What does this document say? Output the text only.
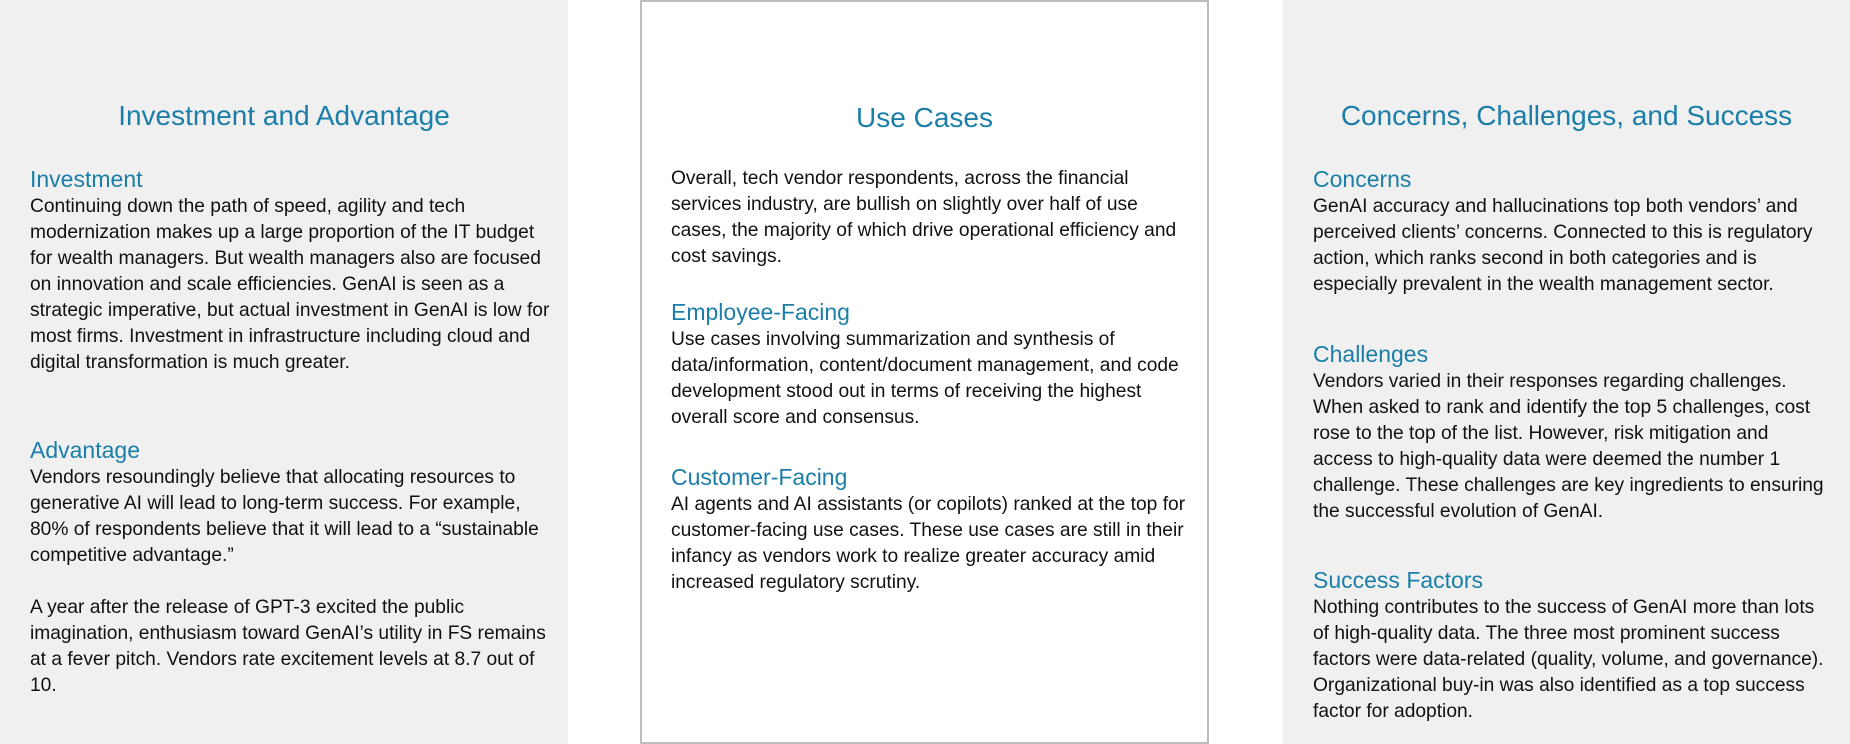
Investment and Advantage
Investment

Continuing down the path of speed, agility and tech modernization makes up a large proportion of the IT budget for wealth managers. But wealth managers also are focused on innovation and scale efficiencies. GenAI is seen as a strategic imperative, but actual investment in GenAI is low for most firms. Investment in infrastructure including cloud and digital transformation is much greater.

Advantage

Vendors resoundingly believe that allocating resources to generative AI will lead to long-term success. For example, 80% of respondents believe that it will lead to a “sustainable competitive advantage.”

A year after the release of GPT-3 excited the public imagination, enthusiasm toward GenAI’s utility in FS remains at a fever pitch. Vendors rate excitement levels at 8.7 out of 10.

Use Cases

Overall, tech vendor respondents, across the financial services industry, are bullish on slightly over half of use cases, the majority of which drive operational efficiency and cost savings.

Employee-Facing

Use cases involving summarization and synthesis of data/information, content/document management, and code development stood out in terms of receiving the highest overall score and consensus.

Customer-Facing

AI agents and AI assistants (or copilots) ranked at the top for customer-facing use cases. These use cases are still in their infancy as vendors work to realize greater accuracy amid increased regulatory scrutiny.

Concerns, Challenges, and Success
Concerns

GenAI accuracy and hallucinations top both vendors’ and perceived clients’ concerns. Connected to this is regulatory action, which ranks second in both categories and is especially prevalent in the wealth management sector.

Challenges

Vendors varied in their responses regarding challenges. When asked to rank and identify the top 5 challenges, cost rose to the top of the list. However, risk mitigation and access to high-quality data were deemed the number 1 challenge. These challenges are key ingredients to ensuring the successful evolution of GenAI.

Success Factors

Nothing contributes to the success of GenAI more than lots of high-quality data. The three most prominent success factors were data-related (quality, volume, and governance). Organizational buy-in was also identified as a top success factor for adoption.
